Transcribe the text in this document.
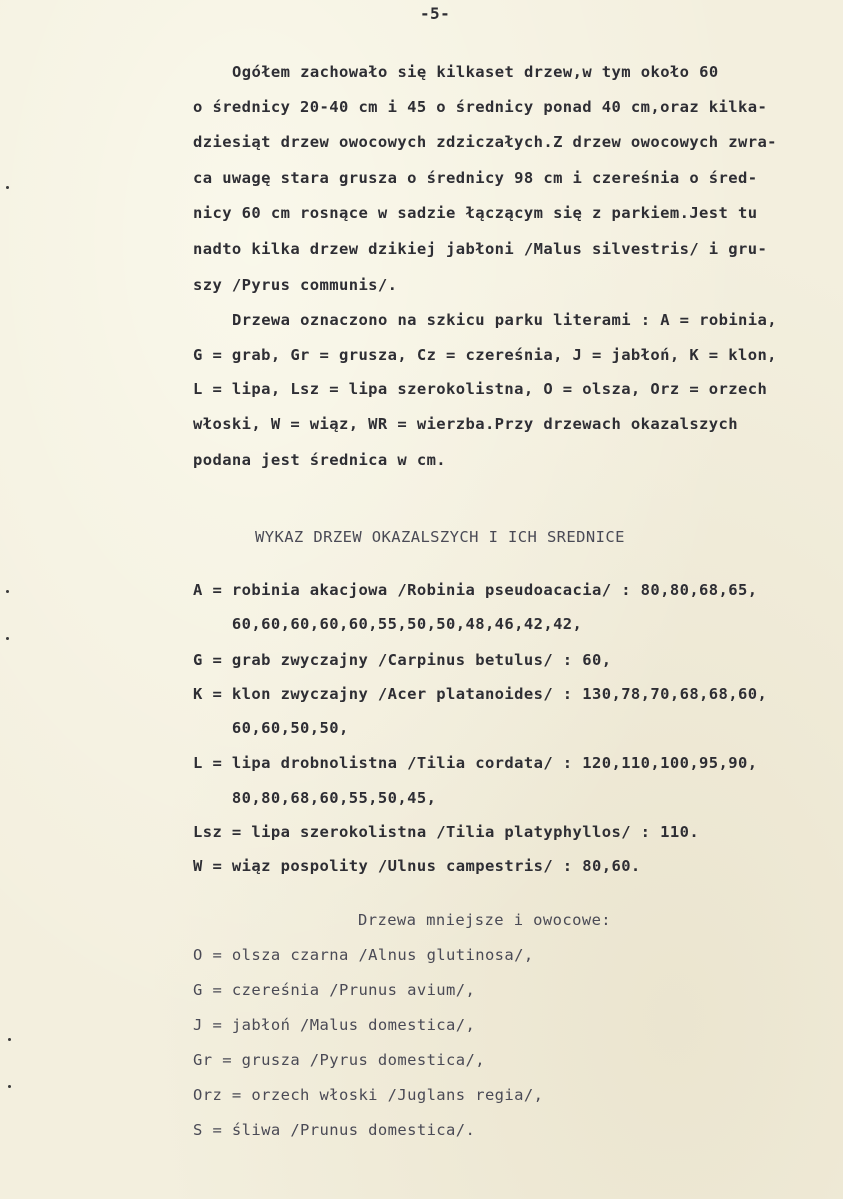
-5-
Ogółem zachowało się kilkaset drzew,w tym około 60
o średnicy 20-40 cm i 45 o średnicy ponad 40 cm,oraz kilka-
dziesiąt drzew owocowych zdziczałych.Z drzew owocowych zwra-
ca uwagę stara grusza o średnicy 98 cm i czereśnia o śred-
nicy 60 cm rosnące w sadzie łączącym się z parkiem.Jest tu
nadto kilka drzew dzikiej jabłoni /Malus silvestris/ i gru-
szy /Pyrus communis/.
Drzewa oznaczono na szkicu parku literami : A = robinia,
G = grab, Gr = grusza, Cz = czereśnia, J = jabłoń, K = klon,
L = lipa, Lsz = lipa szerokolistna, O = olsza, Orz = orzech
włoski, W = wiąz, WR = wierzba.Przy drzewach okazalszych
podana jest średnica w cm.
WYKAZ DRZEW OKAZALSZYCH I ICH SREDNICE
A = robinia akacjowa /Robinia pseudoacacia/ : 80,80,68,65,
60,60,60,60,60,55,50,50,48,46,42,42,
G = grab zwyczajny /Carpinus betulus/ : 60,
K = klon zwyczajny /Acer platanoides/ : 130,78,70,68,68,60,
60,60,50,50,
L = lipa drobnolistna /Tilia cordata/ : 120,110,100,95,90,
80,80,68,60,55,50,45,
Lsz = lipa szerokolistna /Tilia platyphyllos/ : 110.
W = wiąz pospolity /Ulnus campestris/ : 80,60.
Drzewa mniejsze i owocowe:
O = olsza czarna /Alnus glutinosa/,
G = czereśnia /Prunus avium/,
J = jabłoń /Malus domestica/,
Gr = grusza /Pyrus domestica/,
Orz = orzech włoski /Juglans regia/,
S = śliwa /Prunus domestica/.
